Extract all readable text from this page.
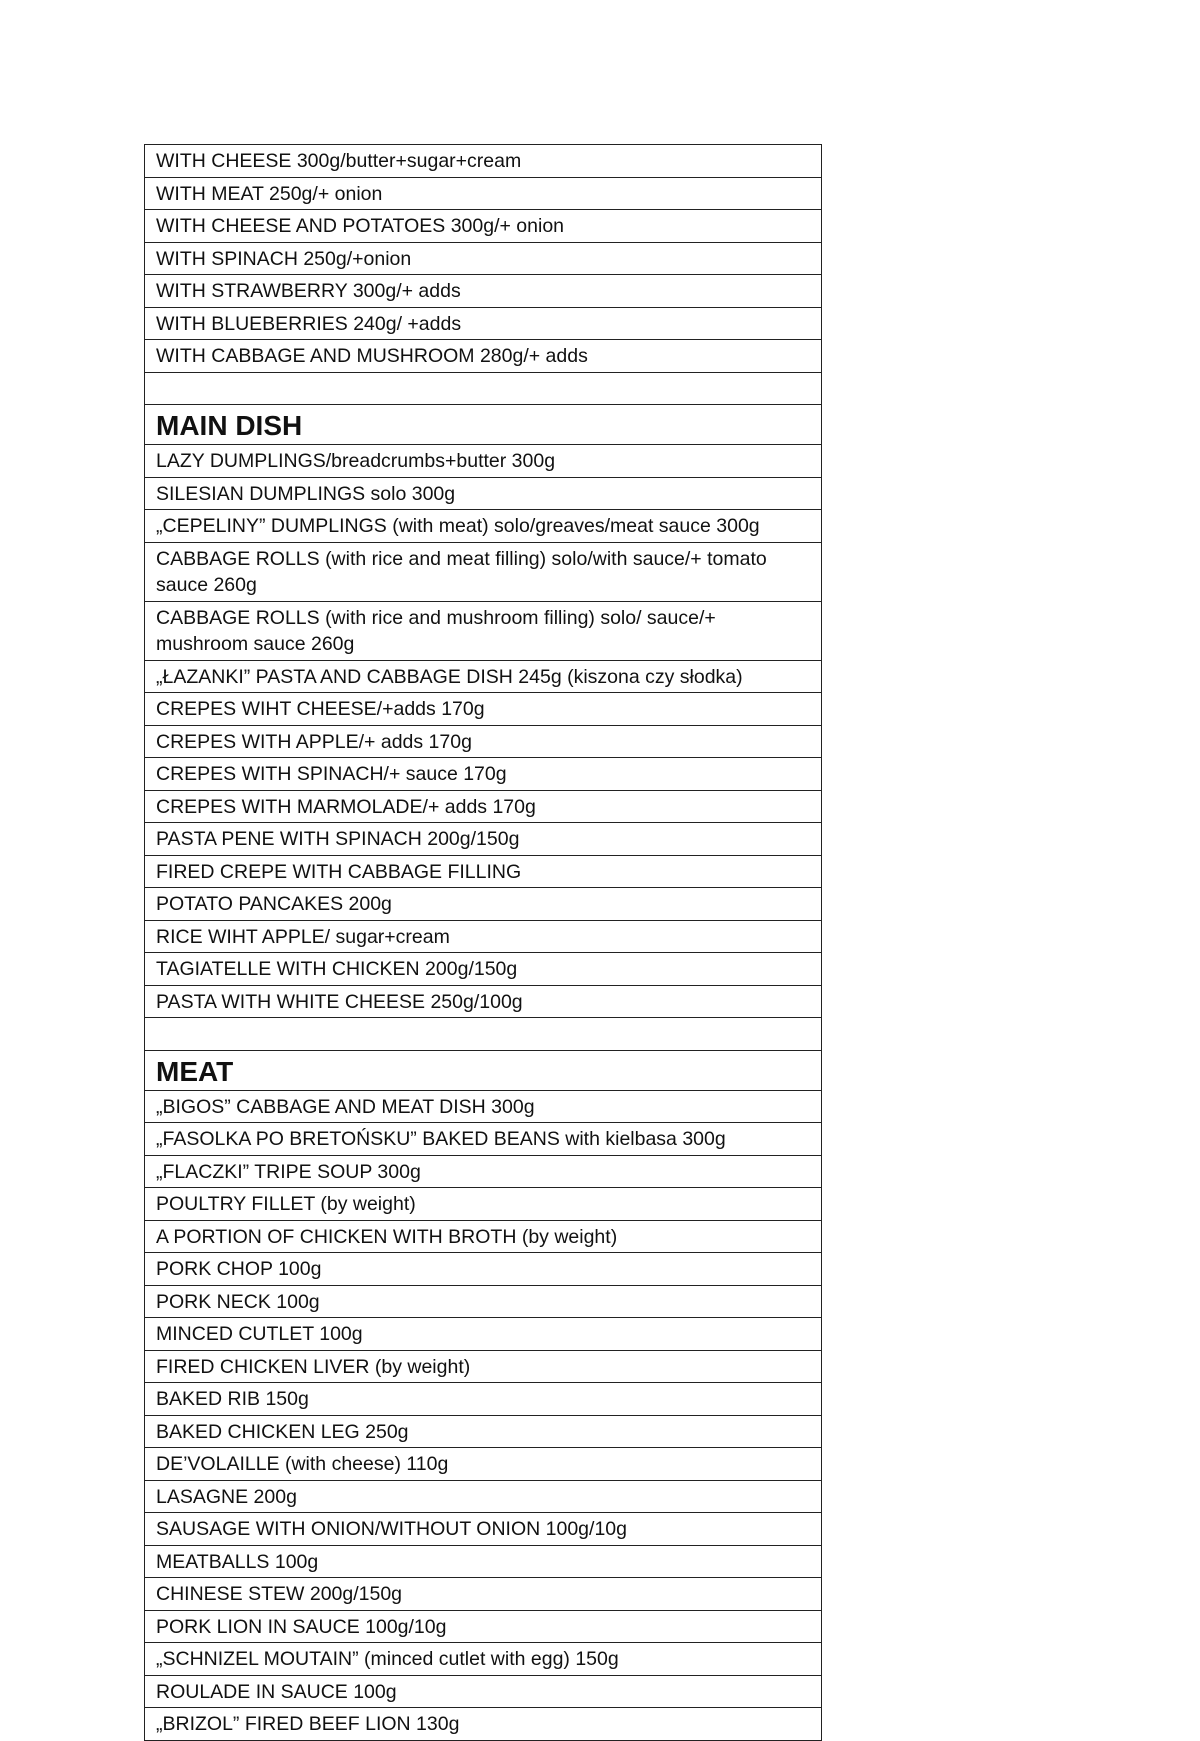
WITH CHEESE 300g/butter+sugar+cream
WITH MEAT 250g/+ onion
WITH CHEESE AND POTATOES 300g/+ onion
WITH SPINACH 250g/+onion
WITH STRAWBERRY 300g/+ adds
WITH BLUEBERRIES 240g/ +adds
WITH CABBAGE AND MUSHROOM 280g/+ adds

MAIN DISH
LAZY DUMPLINGS/breadcrumbs+butter 300g
SILESIAN DUMPLINGS solo 300g
„CEPELINY” DUMPLINGS (with meat) solo/greaves/meat sauce 300g
CABBAGE ROLLS (with rice and meat filling) solo/with sauce/+ tomato sauce 260g
CABBAGE ROLLS (with rice and mushroom filling) solo/ sauce/+ mushroom sauce 260g
„ŁAZANKI” PASTA AND CABBAGE DISH 245g (kiszona czy słodka)
CREPES WIHT CHEESE/+adds 170g
CREPES WITH APPLE/+ adds 170g
CREPES WITH SPINACH/+ sauce 170g
CREPES WITH MARMOLADE/+ adds 170g
PASTA PENE WITH SPINACH 200g/150g
FIRED CREPE WITH CABBAGE FILLING
POTATO PANCAKES 200g
RICE WIHT APPLE/ sugar+cream
TAGIATELLE WITH CHICKEN 200g/150g
PASTA WITH WHITE CHEESE 250g/100g

MEAT
„BIGOS” CABBAGE AND MEAT DISH 300g
„FASOLKA PO BRETOŃSKU” BAKED BEANS with kielbasa 300g
„FLACZKI” TRIPE SOUP 300g
POULTRY FILLET (by weight)
A PORTION OF CHICKEN WITH BROTH (by weight)
PORK CHOP 100g
PORK NECK 100g
MINCED CUTLET 100g
FIRED CHICKEN LIVER (by weight)
BAKED RIB 150g
BAKED CHICKEN LEG 250g
DE’VOLAILLE (with cheese) 110g
LASAGNE 200g
SAUSAGE WITH ONION/WITHOUT ONION 100g/10g
MEATBALLS 100g
CHINESE STEW 200g/150g
PORK LION IN SAUCE 100g/10g
„SCHNIZEL MOUTAIN” (minced cutlet with egg) 150g
ROULADE IN SAUCE 100g
„BRIZOL” FIRED BEEF LION 130g
